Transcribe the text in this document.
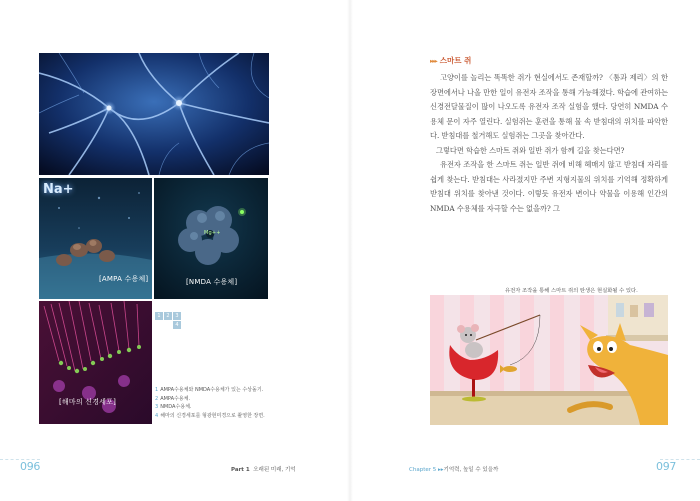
Na+
[AMPA 수용체]
Mg++
[NMDA 수용체]
[해마의 신경세포]
1	2	3
4
1 AMPA수용체와 NMDA수용체가 있는 수상돌기.
2 AMPA수용체.
3 NMDA수용체.
4 해마의 신경세포를 형광현미경으로 촬영한 장면.
▸▸▸ 스마트 쥐

고양이를 놀리는 똑똑한 쥐가 현실에서도 존재할까? 〈톰과 제리〉의 한 장면에서나 나올 만한 일이 유전자 조작을 통해 가능해졌다. 학습에 관여하는 신경전달물질이 많이 나오도록 유전자 조작 실험을 했다. 당연히 NMDA 수용체 문이 자주 열린다. 실험쥐는 훈련을 통해 물 속 받침대의 위치를 파악한다. 받침대를 철거해도 실험쥐는 그곳을 찾아간다.

그렇다면 학습한 스마트 쥐와 일반 쥐가 함께 길을 찾는다면?

유전자 조작을 한 스마트 쥐는 일반 쥐에 비해 헤매지 않고 받침대 자리를 쉽게 찾는다. 받침대는 사라졌지만 주변 지형지물의 위치를 기억해 정확하게 받침대 위치를 찾아낸 것이다. 이렇듯 유전자 변이나 약물을 이용해 인간의 NMDA 수용체를 자극할 수는 없을까? 그

유전자 조작을 통해 스마트 쥐의 탄생은 현실화될 수 있다.
096	Part 1 오래된 미래, 기억	Chapter 5 ▸▸기억력, 높일 수 있을까	097
